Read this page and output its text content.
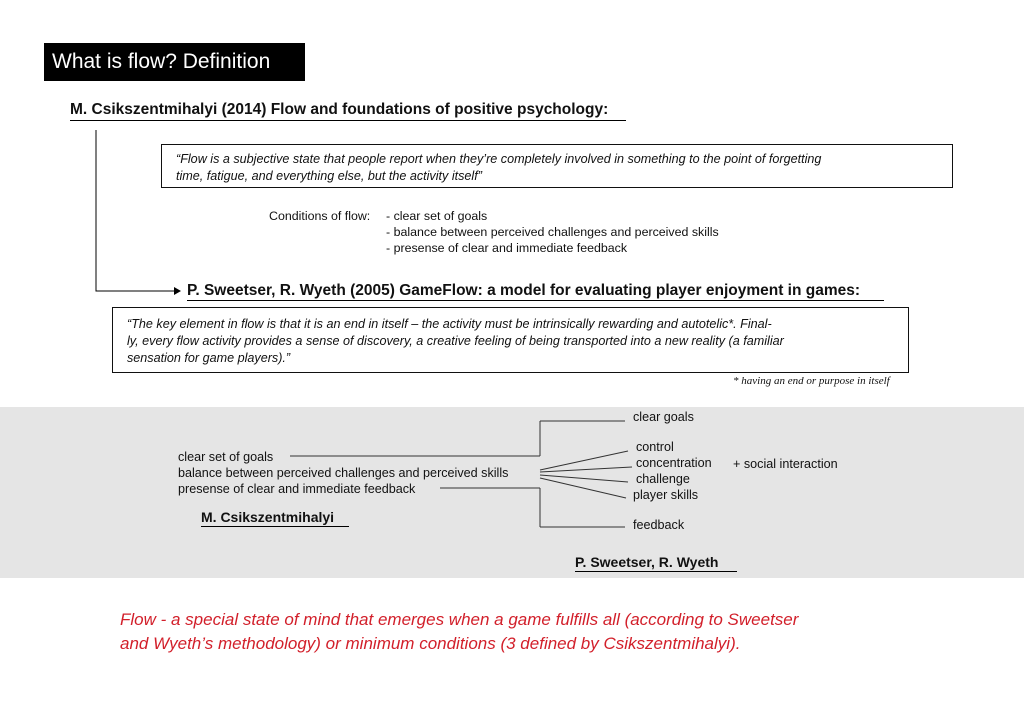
What is flow? Definition
M. Csikszentmihalyi (2014) Flow and foundations of positive psychology:
“Flow is a subjective state that people report when they’re completely involved in something to the point of forgetting
time, fatigue, and everything else, but the activity itself”
Conditions of flow: - clear set of goals
- balance between perceived challenges and perceived skills
- presense of clear and immediate feedback
P. Sweetser, R. Wyeth (2005) GameFlow: a model for evaluating player enjoyment in games:
“The key element in flow is that it is an end in itself – the activity must be intrinsically rewarding and autotelic*. Final-
ly, every flow activity provides a sense of discovery, a creative feeling of being transported into a new reality (a familiar
sensation for game players).”
* having an end or purpose in itself
clear set of goals
balance between perceived challenges and perceived skills
presense of clear and immediate feedback
M. Csikszentmihalyi
clear goals
control
concentration
challenge
player skills
feedback
+ social interaction
P. Sweetser, R. Wyeth
Flow - a special state of mind that emerges when a game fulfills all (according to Sweetser
and Wyeth’s methodology) or minimum conditions (3 defined by Csikszentmihalyi).
